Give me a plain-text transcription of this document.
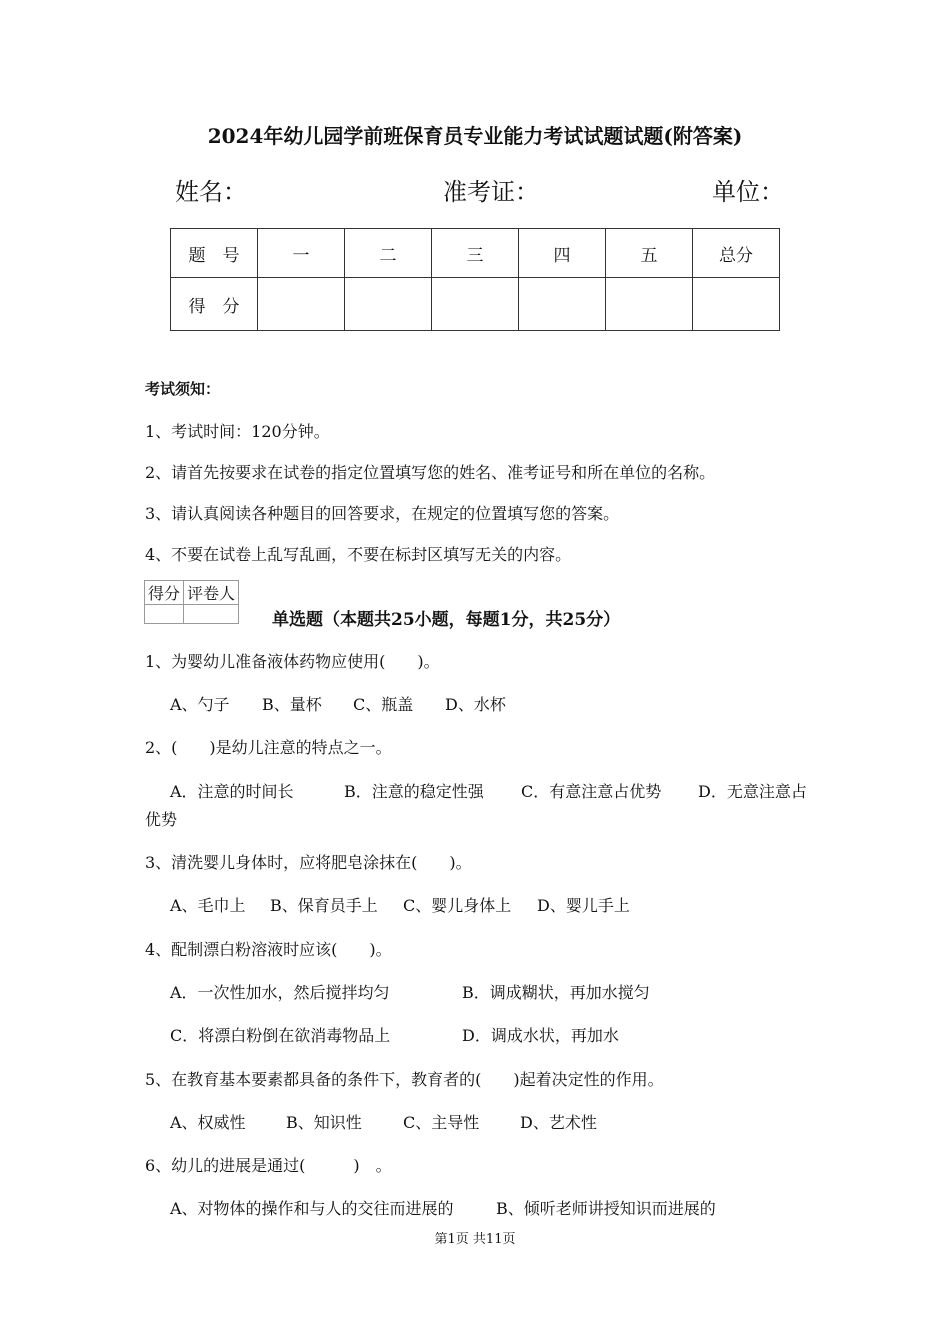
2024年幼儿园学前班保育员专业能力考试试题试题(附答案)
姓名：	准考证：	单位：
题　号	一	二	三	四	五	总分
得　分						
考试须知：
1、考试时间：120分钟。
2、请首先按要求在试卷的指定位置填写您的姓名、准考证号和所在单位的名称。
3、请认真阅读各种题目的回答要求，在规定的位置填写您的答案。
4、不要在试卷上乱写乱画，不要在标封区填写无关的内容。
得分	评卷人

单选题（本题共25小题，每题1分，共25分）
1、为婴幼儿准备液体药物应使用(　　)。
A、勺子 B、量杯 C、瓶盖 D、水杯
2、(　　)是幼儿注意的特点之一。
A．注意的时间长	B．注意的稳定性强 C．有意注意占优势 D．无意注意占
优势
3、清洗婴儿身体时，应将肥皂涂抹在(　　)。
A、毛巾上 B、保育员手上 C、婴儿身体上 D、婴儿手上
4、配制漂白粉溶液时应该(　　)。
A．一次性加水，然后搅拌均匀	B．调成糊状，再加水搅匀
C．将漂白粉倒在欲消毒物品上	D．调成水状，再加水
5、在教育基本要素都具备的条件下，教育者的(　　)起着决定性的作用。
A、权威性	B、知识性	C、主导性	D、艺术性
6、幼儿的进展是通过(　　　)　。
A、对物体的操作和与人的交往而进展的	B、倾听老师讲授知识而进展的
第1页 共11页
